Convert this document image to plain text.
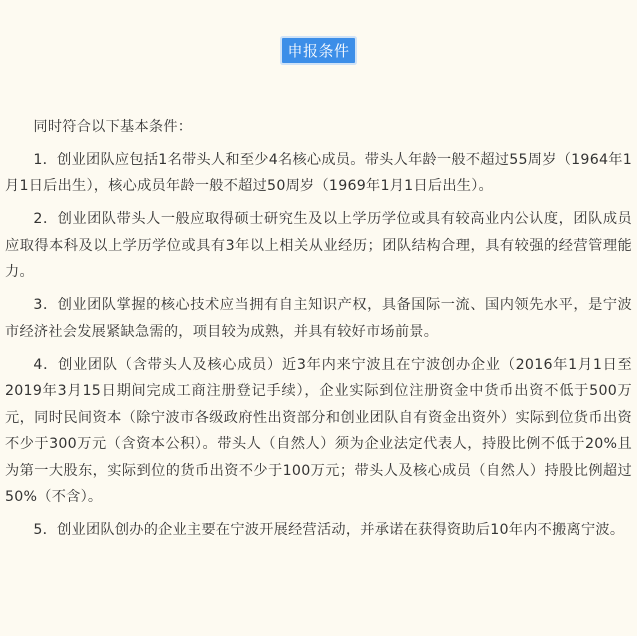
申报条件

同时符合以下基本条件：

1．创业团队应包括1名带头人和至少4名核心成员。带头人年龄一般不超过55周岁（1964年1月1日后出生），核心成员年龄一般不超过50周岁（1969年1月1日后出生）。

2．创业团队带头人一般应取得硕士研究生及以上学历学位或具有较高业内公认度，团队成员应取得本科及以上学历学位或具有3年以上相关从业经历；团队结构合理，具有较强的经营管理能力。

3．创业团队掌握的核心技术应当拥有自主知识产权，具备国际一流、国内领先水平，是宁波市经济社会发展紧缺急需的，项目较为成熟，并具有较好市场前景。

4．创业团队（含带头人及核心成员）近3年内来宁波且在宁波创办企业（2016年1月1日至2019年3月15日期间完成工商注册登记手续），企业实际到位注册资金中货币出资不低于500万元，同时民间资本（除宁波市各级政府性出资部分和创业团队自有资金出资外）实际到位货币出资不少于300万元（含资本公积）。带头人（自然人）须为企业法定代表人，持股比例不低于20%且为第一大股东，实际到位的货币出资不少于100万元；带头人及核心成员（自然人）持股比例超过50%（不含）。

5．创业团队创办的企业主要在宁波开展经营活动，并承诺在获得资助后10年内不搬离宁波。
